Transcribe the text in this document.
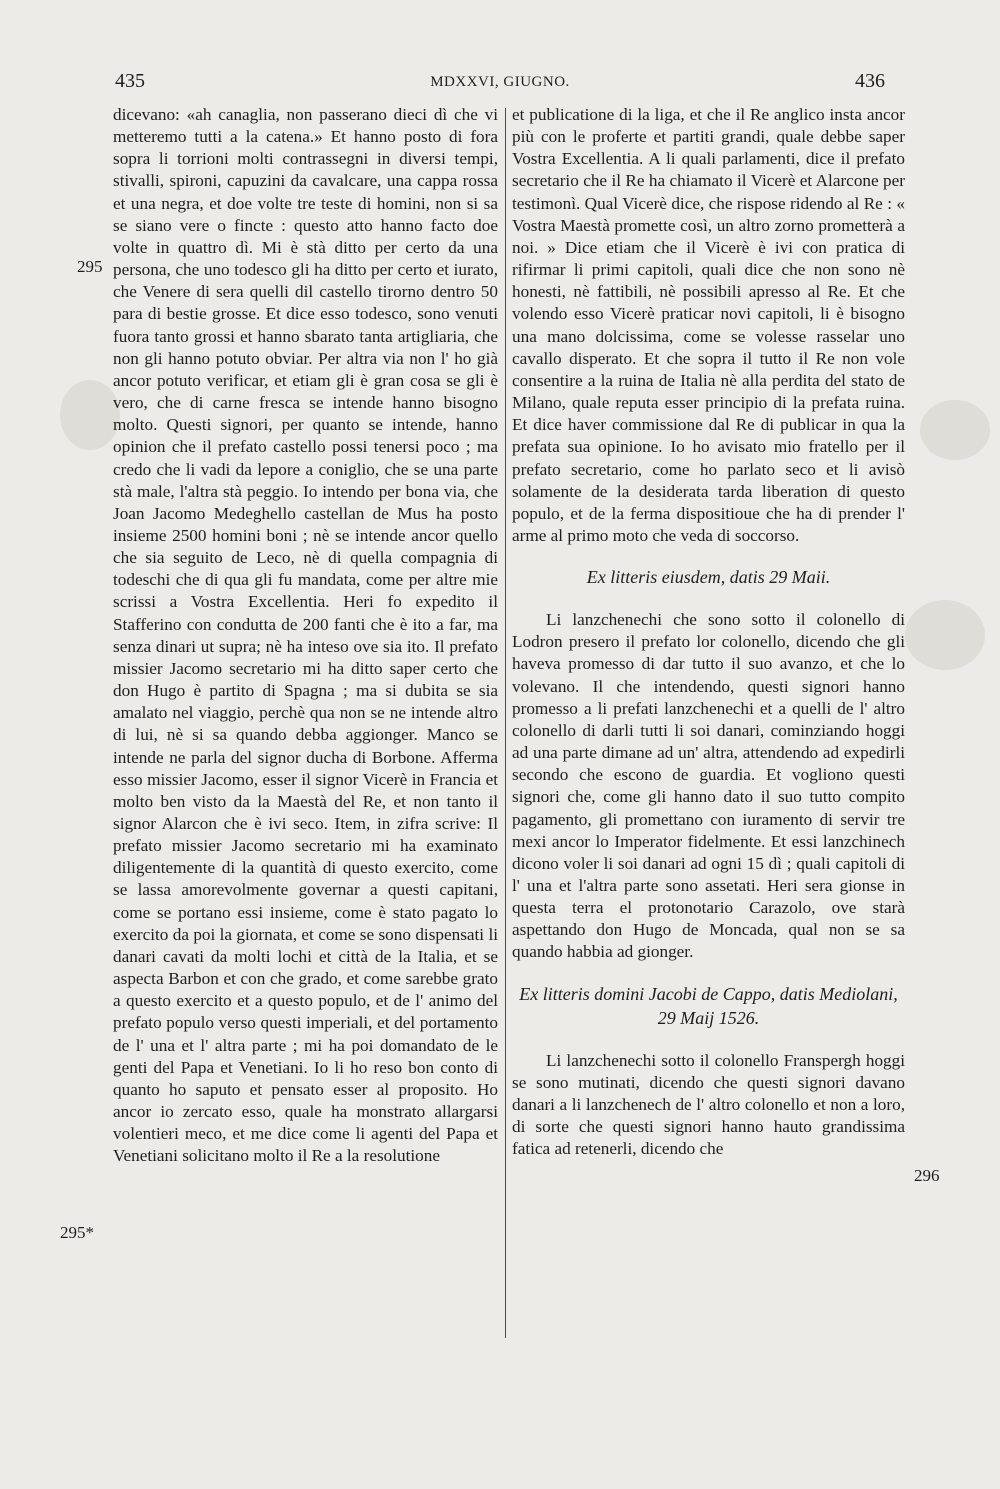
435	MDXXVI, GIUGNO.	436
295
295*
296

dicevano: «ah canaglia, non passerano dieci dì che vi metteremo tutti a la catena.» Et hanno posto di fora sopra li torrioni molti contrassegni in diversi tempi, stivalli, spironi, capuzini da cavalcare, una cappa rossa et una negra, et doe volte tre teste di homini, non si sa se siano vere o fincte : questo atto hanno facto doe volte in quattro dì. Mi è stà ditto per certo da una persona, che uno todesco gli ha ditto per certo et iurato, che Venere di sera quelli dil castello tirorno dentro 50 para di bestie grosse. Et dice esso todesco, sono venuti fuora tanto grossi et hanno sbarato tanta artigliaria, che non gli hanno potuto obviar. Per altra via non l' ho già ancor potuto verificar, et etiam gli è gran cosa se gli è vero, che di carne fresca se intende hanno bisogno molto. Questi signori, per quanto se intende, hanno opinion che il prefato castello possi tenersi poco ; ma credo che li vadi da lepore a coniglio, che se una parte stà male, l'altra stà peggio. Io intendo per bona via, che Joan Jacomo Medeghello castellan de Mus ha posto insieme 2500 homini boni ; nè se intende ancor quello che sia seguito de Leco, nè di quella compagnia di todeschi che di qua gli fu mandata, come per altre mie scrissi a Vostra Excellentia. Heri fo expedito il Stafferino con condutta de 200 fanti che è ito a far, ma senza dinari ut supra; nè ha inteso ove sia ito. Il prefato missier Jacomo secretario mi ha ditto saper certo che don Hugo è partito di Spagna ; ma si dubita se sia amalato nel viaggio, perchè qua non se ne intende altro di lui, nè si sa quando debba aggionger. Manco se intende ne parla del signor ducha di Borbone. Afferma esso missier Jacomo, esser il signor Vicerè in Francia et molto ben visto da la Maestà del Re, et non tanto il signor Alarcon che è ivi seco. Item, in zifra scrive: Il prefato missier Jacomo secretario mi ha examinato diligentemente di la quantità di questo exercito, come se lassa amorevolmente governar a questi capitani, come se portano essi insieme, come è stato pagato lo exercito da poi la giornata, et come se sono dispensati li danari cavati da molti lochi et città de la Italia, et se aspecta Barbon et con che grado, et come sarebbe grato a questo exercito et a questo populo, et de l' animo del prefato populo verso questi imperiali, et del portamento de l' una et l' altra parte ; mi ha poi domandato de le genti del Papa et Venetiani. Io li ho reso bon conto di quanto ho saputo et pensato esser al proposito. Ho ancor io zercato esso, quale ha monstrato allargarsi volentieri meco, et me dice come li agenti del Papa et Venetiani solicitano molto il Re a la resolutione

et publicatione di la liga, et che il Re anglico insta ancor più con le proferte et partiti grandi, quale debbe saper Vostra Excellentia. A li quali parlamenti, dice il prefato secretario che il Re ha chiamato il Vicerè et Alarcone per testimonì. Qual Vicerè dice, che rispose ridendo al Re : « Vostra Maestà promette così, un altro zorno prometterà a noi. » Dice etiam che il Vicerè è ivi con pratica di rifirmar li primi capitoli, quali dice che non sono nè honesti, nè fattibili, nè possibili apresso al Re. Et che volendo esso Vicerè praticar novi capitoli, li è bisogno una mano dolcissima, come se volesse rasselar uno cavallo disperato. Et che sopra il tutto il Re non vole consentire a la ruina de Italia nè alla perdita del stato de Milano, quale reputa esser principio di la prefata ruina. Et dice haver commissione dal Re di publicar in qua la prefata sua opinione. Io ho avisato mio fratello per il prefato secretario, come ho parlato seco et li avisò solamente de la desiderata tarda liberation di questo populo, et de la ferma dispositioue che ha di prender l' arme al primo moto che veda di soccorso.

Ex litteris eiusdem, datis 29 Maii.

Li lanzchenechi che sono sotto il colonello di Lodron presero il prefato lor colonello, dicendo che gli haveva promesso di dar tutto il suo avanzo, et che lo volevano. Il che intendendo, questi signori hanno promesso a li prefati lanzchenechi et a quelli de l' altro colonello di darli tutti li soi danari, cominziando hoggi ad una parte dimane ad un' altra, attendendo ad expedirli secondo che escono de guardia. Et vogliono questi signori che, come gli hanno dato il suo tutto compito pagamento, gli promettano con iuramento di servir tre mexi ancor lo Imperator fidelmente. Et essi lanzchinech dicono voler li soi danari ad ogni 15 dì ; quali capitoli di l' una et l'altra parte sono assetati. Heri sera gionse in questa terra el protonotario Carazolo, ove starà aspettando don Hugo de Moncada, qual non se sa quando habbia ad gionger.

Ex litteris domini Jacobi de Cappo, datis Mediolani, 29 Maij 1526.

Li lanzchenechi sotto il colonello Franspergh hoggi se sono mutinati, dicendo che questi signori davano danari a li lanzchenech de l' altro colonello et non a loro, di sorte che questi signori hanno hauto grandissima fatica ad retenerli, dicendo che
